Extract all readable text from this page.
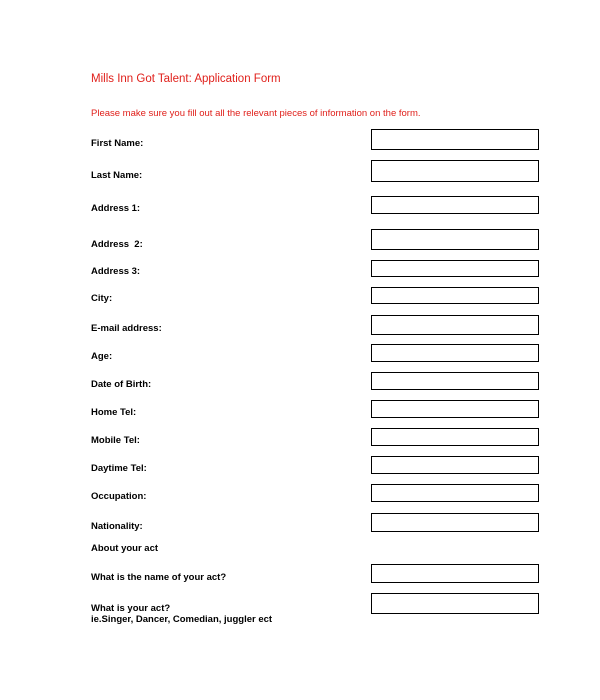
Mills Inn Got Talent: Application Form
Please make sure you fill out all the relevant pieces of information on the form.
First Name:
Last Name:
Address 1:
Address  2:
Address 3:
City:
E-mail address:
Age:
Date of Birth:
Home Tel:
Mobile Tel:
Daytime Tel:
Occupation:
Nationality:
About your act
What is the name of your act?
What is your act?
ie.Singer, Dancer, Comedian, juggler ect
